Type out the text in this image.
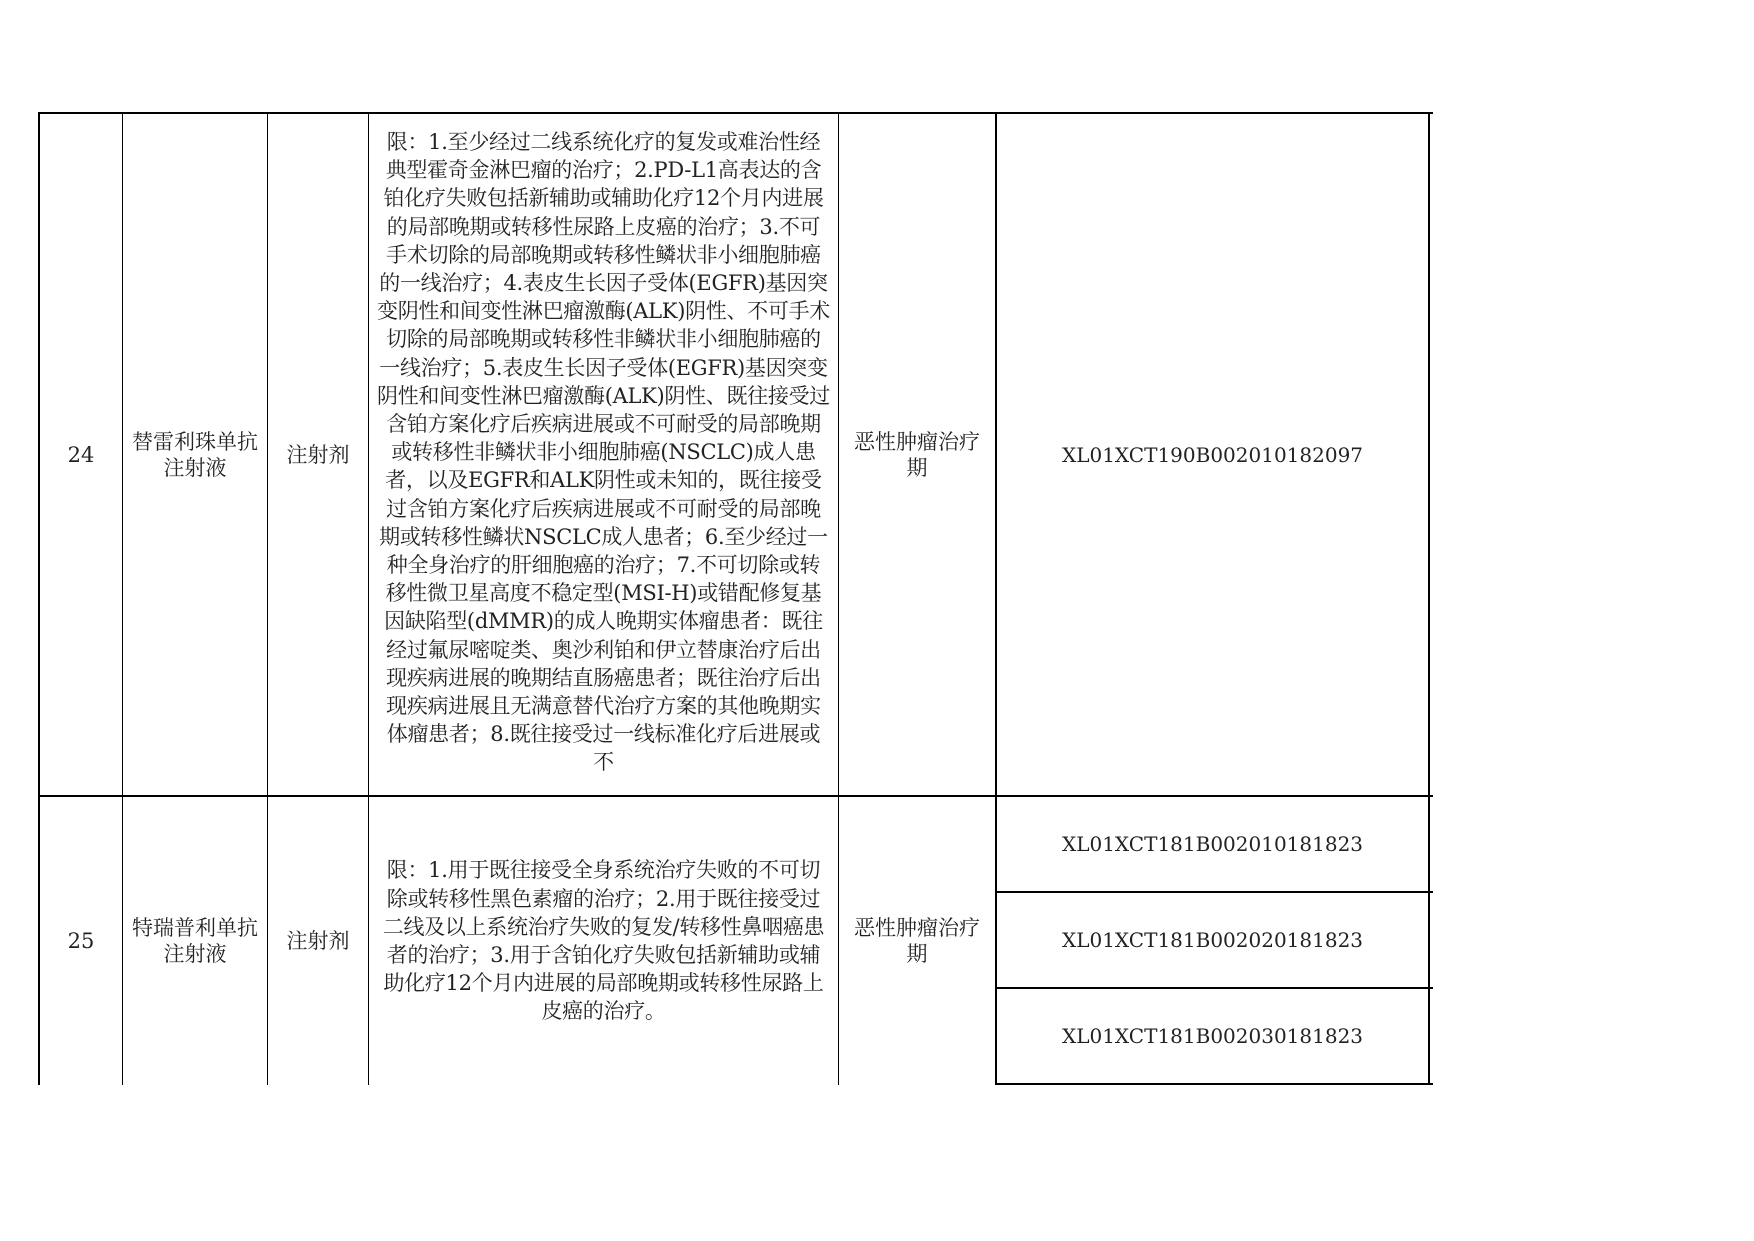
24
替雷利珠单抗注射液
注射剂
限：1.至少经过二线系统化疗的复发或难治性经典型霍奇金淋巴瘤的治疗；2.PD-L1高表达的含铂化疗失败包括新辅助或辅助化疗12个月内进展的局部晚期或转移性尿路上皮癌的治疗；3.不可手术切除的局部晚期或转移性鳞状非小细胞肺癌的一线治疗；4.表皮生长因子受体(EGFR)基因突变阴性和间变性淋巴瘤激酶(ALK)阴性、不可手术切除的局部晚期或转移性非鳞状非小细胞肺癌的一线治疗；5.表皮生长因子受体(EGFR)基因突变阴性和间变性淋巴瘤激酶(ALK)阴性、既往接受过含铂方案化疗后疾病进展或不可耐受的局部晚期或转移性非鳞状非小细胞肺癌(NSCLC)成人患者，以及EGFR和ALK阴性或未知的，既往接受过含铂方案化疗后疾病进展或不可耐受的局部晚期或转移性鳞状NSCLC成人患者；6.至少经过一种全身治疗的肝细胞癌的治疗；7.不可切除或转移性微卫星高度不稳定型(MSI-H)或错配修复基因缺陷型(dMMR)的成人晚期实体瘤患者：既往经过氟尿嘧啶类、奥沙利铂和伊立替康治疗后出现疾病进展的晚期结直肠癌患者；既往治疗后出现疾病进展且无满意替代治疗方案的其他晚期实体瘤患者；8.既往接受过一线标准化疗后进展或不
恶性肿瘤治疗期
XL01XCT190B002010182097
25
特瑞普利单抗注射液
注射剂
限：1.用于既往接受全身系统治疗失败的不可切除或转移性黑色素瘤的治疗；2.用于既往接受过二线及以上系统治疗失败的复发/转移性鼻咽癌患者的治疗；3.用于含铂化疗失败包括新辅助或辅助化疗12个月内进展的局部晚期或转移性尿路上皮癌的治疗。
恶性肿瘤治疗期
XL01XCT181B002010181823
XL01XCT181B002020181823
XL01XCT181B002030181823
